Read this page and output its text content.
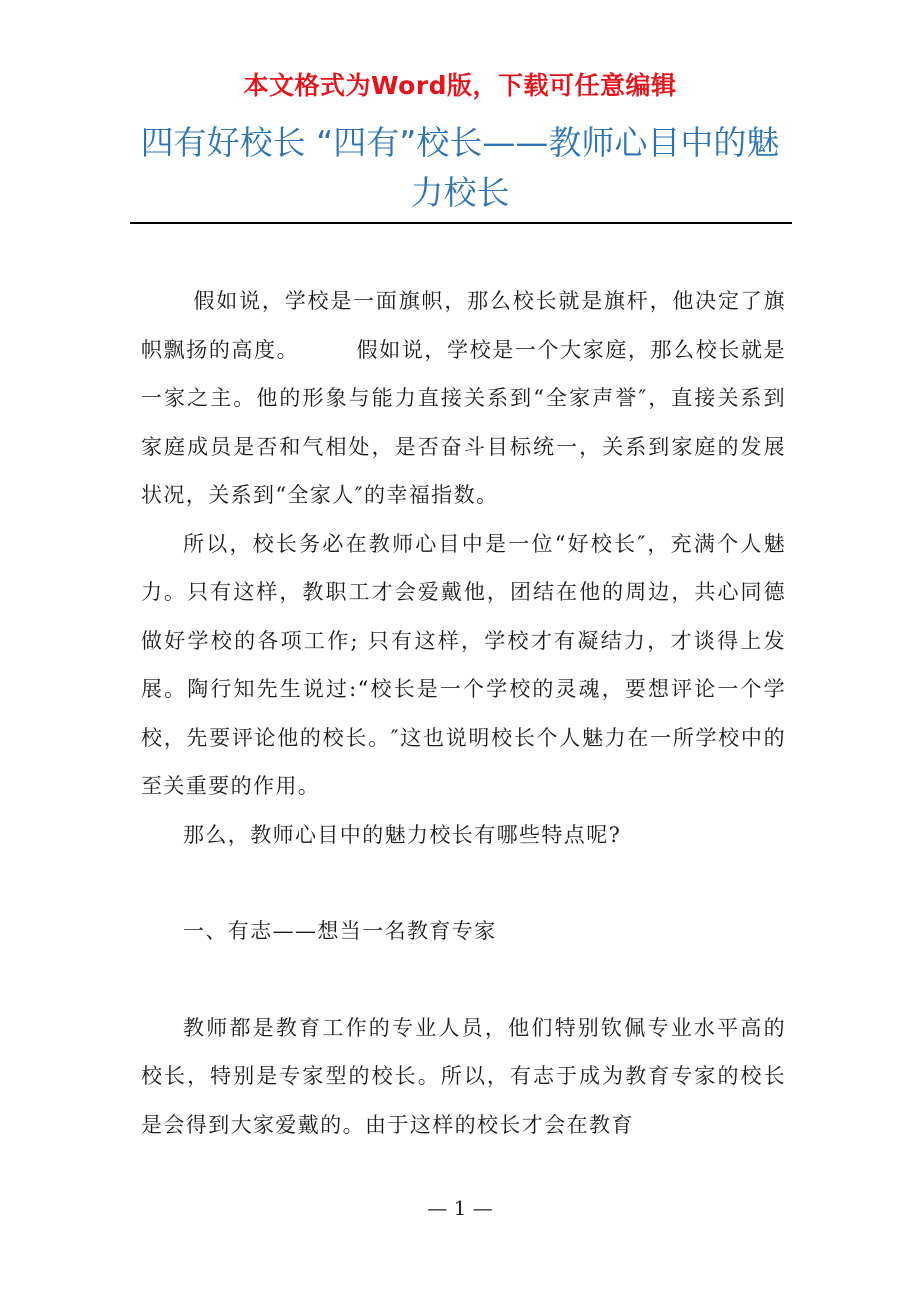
本文格式为Word版，下载可任意编辑
四有好校长 “四有”校长——教师心目中的魅力校长

假如说，学校是一面旗帜，那么校长就是旗杆，他决定了旗帜飘扬的高度。　　　假如说，学校是一个大家庭，那么校长就是一家之主。他的形象与能力直接关系到“全家声誉″，直接关系到家庭成员是否和气相处，是否奋斗目标统一，关系到家庭的发展状况，关系到“全家人″的幸福指数。

所以，校长务必在教师心目中是一位“好校长″，充满个人魅力。只有这样，教职工才会爱戴他，团结在他的周边，共心同德做好学校的各项工作; 只有这样，学校才有凝结力，才谈得上发展。陶行知先生说过:“校长是一个学校的灵魂，要想评论一个学校，先要评论他的校长。″这也说明校长个人魅力在一所学校中的至关重要的作用。

那么，教师心目中的魅力校长有哪些特点呢?

一、有志——想当一名教育专家

教师都是教育工作的专业人员，他们特别钦佩专业水平高的校长，特别是专家型的校长。所以，有志于成为教育专家的校长是会得到大家爱戴的。由于这样的校长才会在教育

— 1 —
